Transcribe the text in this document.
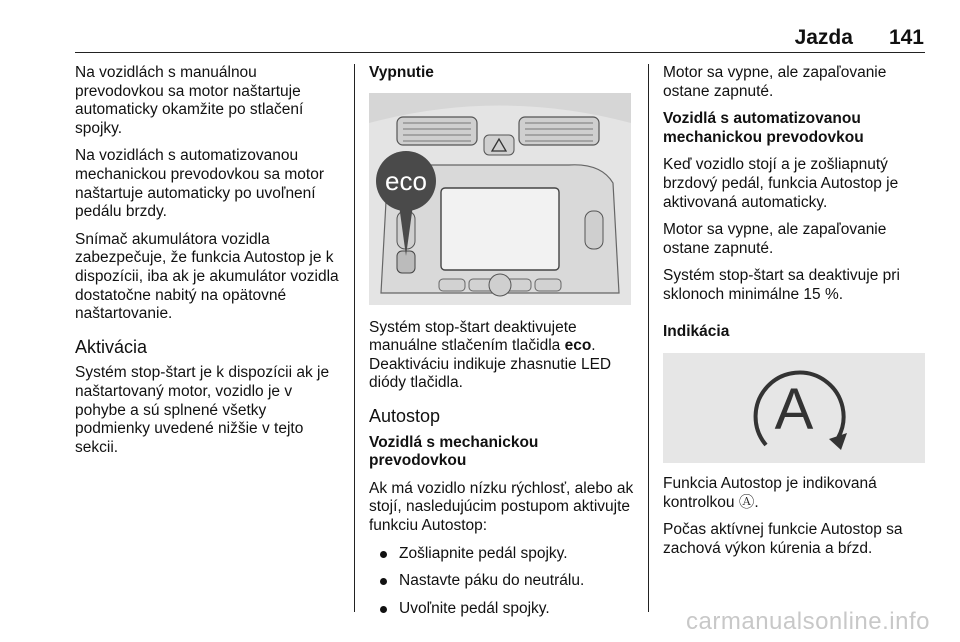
Jazda 141

Na vozidlách s manuálnou prevodovkou sa motor naštartuje automaticky okamžite po stlačení spojky.

Na vozidlách s automatizovanou mechanickou prevodovkou sa motor naštartuje automaticky po uvoľnení pedálu brzdy.

Snímač akumulátora vozidla zabezpečuje, že funkcia Autostop je k dispozícii, iba ak je akumulátor vozidla dostatočne nabitý na opätovné naštartovanie.

Aktivácia

Systém stop-štart je k dispozícii ak je naštartovaný motor, vozidlo je v pohybe a sú splnené všetky podmienky uvedené nižšie v tejto sekcii.

Vypnutie
eco

Systém stop-štart deaktivujete manuálne stlačením tlačidla eco. Deaktiváciu indikuje zhasnutie LED diódy tlačidla.

Autostop

Vozidlá s mechanickou prevodovkou

Ak má vozidlo nízku rýchlosť, alebo ak stojí, nasledujúcim postupom aktivujte funkciu Autostop:

Zošliapnite pedál spojky.
Nastavte páku do neutrálu.
Uvoľnite pedál spojky.

Motor sa vypne, ale zapaľovanie ostane zapnuté.

Vozidlá s automatizovanou mechanickou prevodovkou

Keď vozidlo stojí a je zošliapnutý brzdový pedál, funkcia Autostop je aktivovaná automaticky.

Motor sa vypne, ale zapaľovanie ostane zapnuté.

Systém stop-štart sa deaktivuje pri sklonoch minimálne 15 %.

Indikácia
A

Funkcia Autostop je indikovaná kontrolkou Ⓐ.

Počas aktívnej funkcie Autostop sa zachová výkon kúrenia a bŕzd.

carmanualsonline.info
